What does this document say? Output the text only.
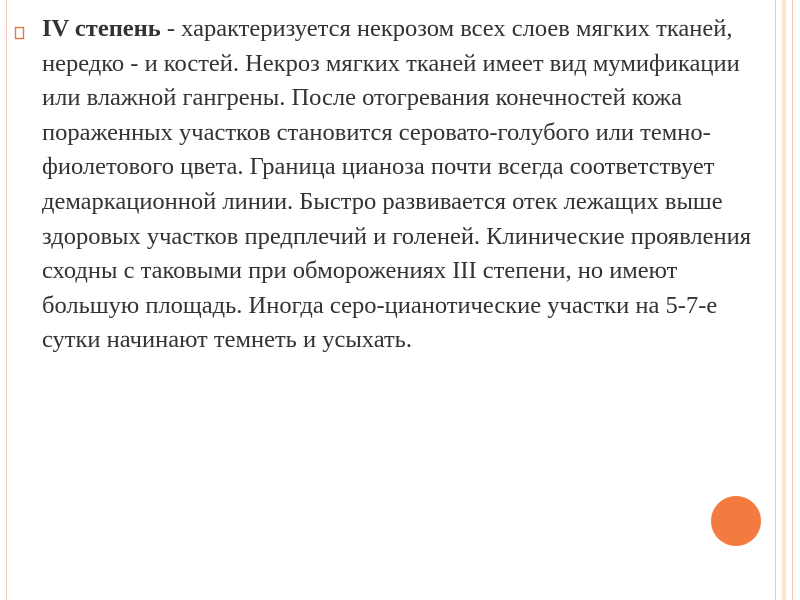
IV степень - характеризуется некрозом всех слоев мягких тканей, нередко - и костей. Некроз мягких тканей имеет вид мумификации или влажной гангрены. После отогревания конечностей кожа пораженных участков становится серовато-голубого или темно-фиолетового цвета. Граница цианоза почти всегда соответствует демаркационной линии. Быстро развивается отек лежащих выше здоровых участков предплечий и голеней. Клинические проявления сходны с таковыми при обморожениях III степени, но имеют большую площадь. Иногда серо-цианотические участки на 5-7-е сутки начинают темнеть и усыхать.
